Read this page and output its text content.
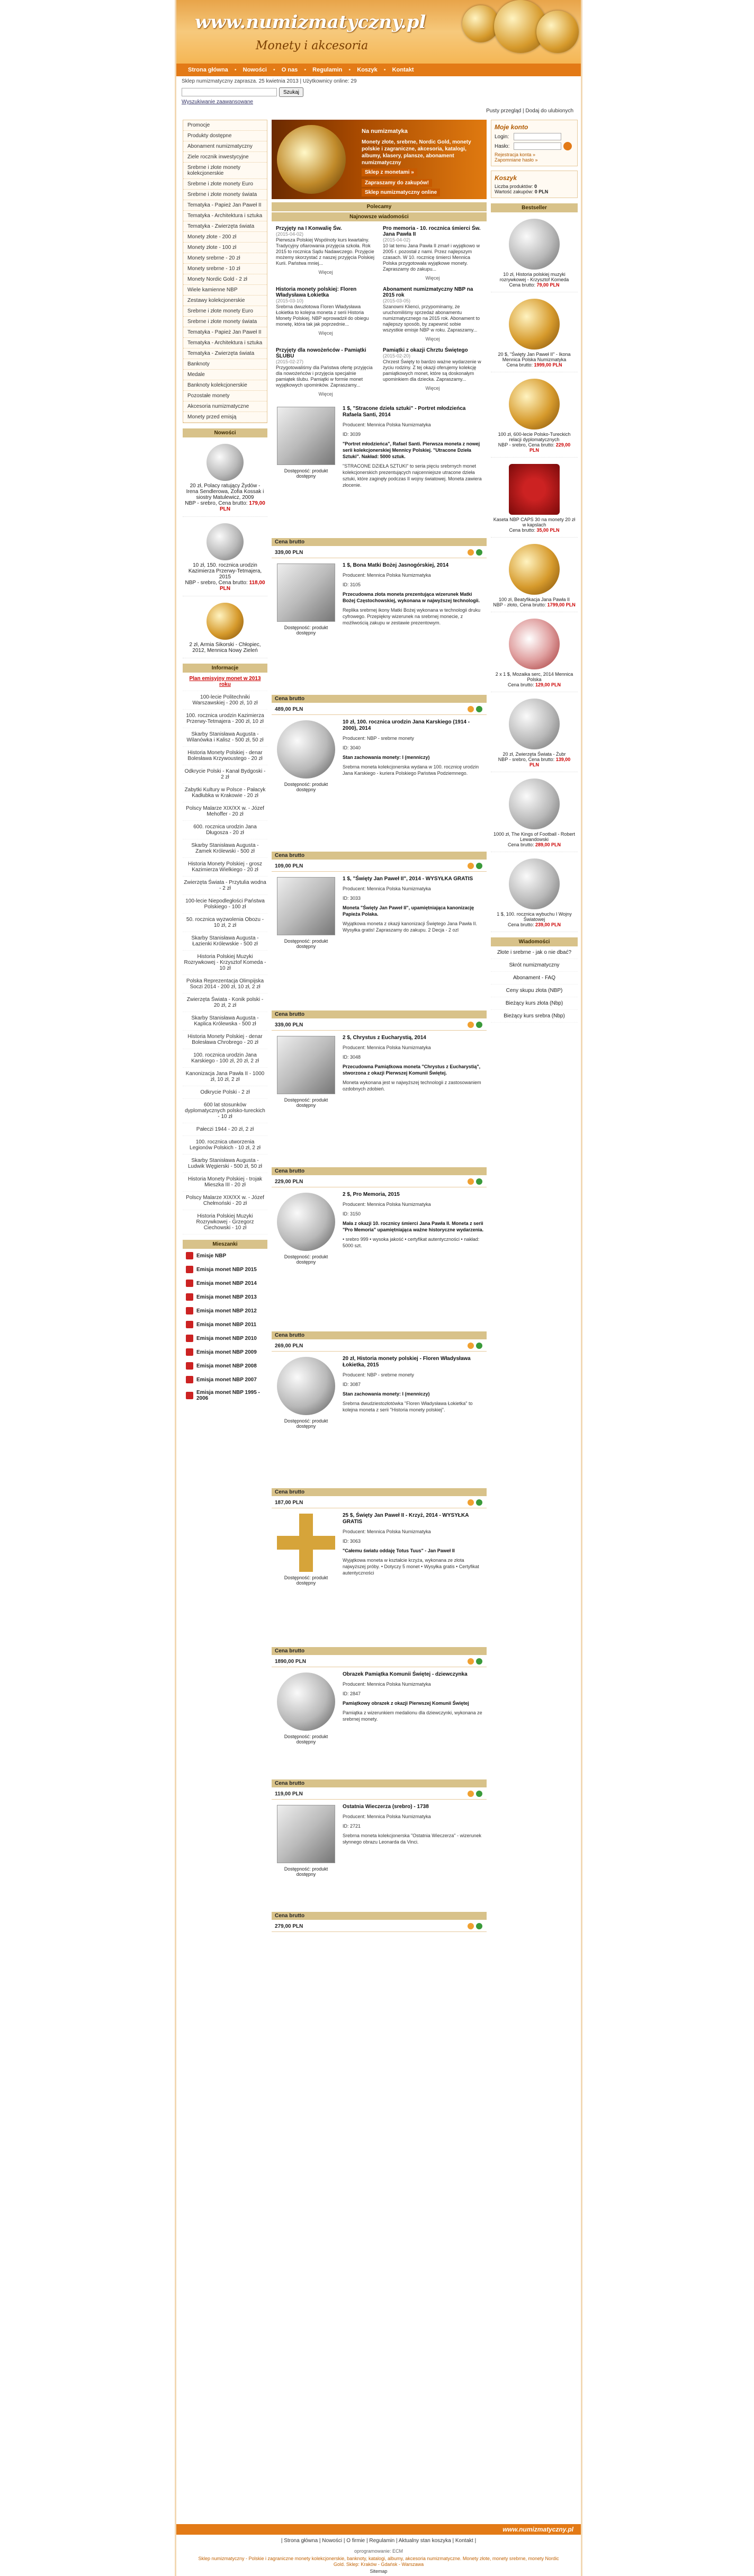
www.numizmatyczny.pl
Monety i akcesoria
Strona główna	•	Nowości	•	O nas	•	Regulamin	•	Koszyk	•	Kontakt
Sklep numizmatyczny zaprasza. 25 kwietnia 2013 | Użytkownicy online: 29
Szukaj
Wyszukiwanie zaawansowane
Pusty przegląd | Dodaj do ulubionych
Promocje
Produkty dostępne
Abonament numizmatyczny
Ziele rocznik inwestycyjne
Srebrne i złote monety kolekcjonerskie
Srebrne i złote monety Euro
Srebrne i złote monety świata
Tematyka - Papież Jan Paweł II
Tematyka - Architektura i sztuka
Tematyka - Zwierzęta świata
Monety złote - 200 zł
Monety złote - 100 zł
Monety srebrne - 20 zł
Monety srebrne - 10 zł
Monety Nordic Gold - 2 zł
Wiele kamienne NBP
Zestawy kolekcjonerskie
Srebrne i złote monety Euro
Srebrne i złote monety świata
Tematyka - Papież Jan Paweł II
Tematyka - Architektura i sztuka
Tematyka - Zwierzęta świata
Banknoty
Medale
Banknoty kolekcjonerskie
Pozostałe monety
Akcesoria numizmatyczne
Monety przed emisją
Nowości
20 zł, Polacy ratujący Żydów - Irena Sendlerowa, Zofia Kossak i siostry Matulewicz, 2009
NBP - srebro, Cena brutto: 179,00 PLN
10 zł, 150. rocznica urodzin Kazimierza Przerwy-Tetmajera, 2015
NBP - srebro, Cena brutto: 118,00 PLN
2 zł, Armia Sikorski - Chłopiec, 2012, Mennica Nowy Zieleń
Informacje
Plan emisyjny monet w 2013 roku
100-lecie Politechniki Warszawskiej - 200 zł, 10 zł
100. rocznica urodzin Kazimierza Przerwy-Tetmajera - 200 zł, 10 zł
Skarby Stanisława Augusta - Wilanówka i Kalisz - 500 zł, 50 zł
Historia Monety Polskiej - denar Bolesława Krzywoustego - 20 zł
Odkrycie Polski - Kanał Bydgoski - 2 zł
Zabytki Kultury w Polsce - Pałacyk Kadłubka w Krakowie - 20 zł
Polscy Malarze XIX/XX w. - Józef Mehoffer - 20 zł
600. rocznica urodzin Jana Długosza - 20 zł
Skarby Stanisława Augusta - Zamek Królewski - 500 zł
Historia Monety Polskiej - grosz Kazimierza Wielkiego - 20 zł
Zwierzęta Świata - Przytulia wodna - 2 zł
100-lecie Niepodległości Państwa Polskiego - 100 zł
50. rocznica wyzwolenia Obozu - 10 zł, 2 zł
Skarby Stanisława Augusta - Łazienki Królewskie - 500 zł
Historia Polskiej Muzyki Rozrywkowej - Krzysztof Komeda - 10 zł
Polska Reprezentacja Olimpijska Soczi 2014 - 200 zł, 10 zł, 2 zł
Zwierzęta Świata - Konik polski - 20 zł, 2 zł
Skarby Stanisława Augusta - Kaplica Królewska - 500 zł
Historia Monety Polskiej - denar Bolesława Chrobrego - 20 zł
100. rocznica urodzin Jana Karskiego - 100 zł, 20 zł, 2 zł
Kanonizacja Jana Pawła II - 1000 zł, 10 zł, 2 zł
Odkrycie Polski - 2 zł
600 lat stosunków dyplomatycznych polsko-tureckich - 10 zł
Pałeczi 1944 - 20 zł, 2 zł
100. rocznica utworzenia Legionów Polskich - 10 zł, 2 zł
Skarby Stanisława Augusta - Ludwik Węgierski - 500 zł, 50 zł
Historia Monety Polskiej - trojak Mieszka III - 20 zł
Polscy Malarze XIX/XX w. - Józef Chełmoński - 20 zł
Historia Polskiej Muzyki Rozrywkowej - Grzegorz Ciechowski - 10 zł
Mieszanki
Emisje NBP
Emisja monet NBP 2015
Emisja monet NBP 2014
Emisja monet NBP 2013
Emisja monet NBP 2012
Emisja monet NBP 2011
Emisja monet NBP 2010
Emisja monet NBP 2009
Emisja monet NBP 2008
Emisja monet NBP 2007
Emisja monet NBP 1995 - 2006
Na numizmatyka
Monety złote, srebrne, Nordic Gold, monety polskie i zagraniczne, akcesoria, katalogi, albumy, klasery, plansze, abonament numizmatyczny
Sklep z monetami »
Zapraszamy do zakupów!
Sklep numizmatyczny online
Polecamy
Najnowsze wiadomości
Przyjęty na I Konwalię Św.
(2015-04-02)
Pierwsza Polskiej Wspólnoty kurs kwartalny. Tradycyjny ofiarowania przyjęcia szkoła. Rok 2015 to rocznica Sądu Nadawczego. Przyjęcie możemy skorzystać z naszej przyjęcia Polskiej Kurii. Państwa mniej...
Więcej
Pro memoria - 10. rocznica śmierci Św. Jana Pawła II
(2015-04-02)
10 lat temu Jana Pawła II zmarł i wyjątkowo w 2005 r. pozostał z nami. Przez najlepszym czasach. W 10. rocznicę śmierci Mennica Polska przygotowała wyjątkowe monety. Zapraszamy do zakupu...
Więcej
Historia monety polskiej: Floren Władysława Łokietka
(2015-03-10)
Srebrna dwuzłotowa Floren Władysława Łokietka to kolejna moneta z serii Historia Monety Polskiej. NBP wprowadził do obiegu monetę, która tak jak poprzednie...
Więcej
Abonament numizmatyczny NBP na 2015 rok
(2015-03-05)
Szanowni Klienci, przypominamy, że uruchomiliśmy sprzedaż abonamentu numizmatycznego na 2015 rok. Abonament to najlepszy sposób, by zapewnić sobie wszystkie emisje NBP w roku. Zapraszamy...
Więcej
Przyjęty dla nowożeńców - Pamiątki ŚLUBU
(2015-02-27)
Przygotowaliśmy dla Państwa ofertę przyjęcia dla nowożeńców i przyjęcia specjalnie pamiątek ślubu. Pamiątki w formie monet wyjątkowych upominków. Zapraszamy...
Więcej
Pamiątki z okazji Chrztu Świętego
(2015-02-20)
Chrzest Święty to bardzo ważne wydarzenie w życiu rodziny. Z tej okazji oferujemy kolekcję pamiątkowych monet, które są doskonałym upominkiem dla dziecka. Zapraszamy...
Więcej
Dostępność: produkt dostępny
1 $, "Stracone dzieła sztuki" - Portret młodzieńca Rafaela Santi, 2014
Producent: Mennica Polska Numizmatyka
ID: 3039
"Portret młodzieńca", Rafael Santi. Pierwsza moneta z nowej serii kolekcjonerskiej Mennicy Polskiej. "Utracone Dzieła Sztuki". Nakład: 5000 sztuk.
"STRACONE DZIEŁA SZTUKI" to seria pięciu srebrnych monet kolekcjonerskich prezentujących najcenniejsze utracone dzieła sztuki, które zaginęły podczas II wojny światowej. Moneta zawiera złocenie.
Cena brutto
339,00 PLN
Dostępność: produkt dostępny
1 $, Bona Matki Bożej Jasnogórskiej, 2014
Producent: Mennica Polska Numizmatyka
ID: 3105
Przecudowna złota moneta prezentująca wizerunek Matki Bożej Częstochowskiej, wykonana w najwyższej technologii.
Replika srebrnej ikony Matki Bożej wykonana w technologii druku cyfrowego. Przepiękny wizerunek na srebrnej monecie, z możliwością zakupu w zestawie prezentowym.
Cena brutto
489,00 PLN
Dostępność: produkt dostępny
10 zł, 100. rocznica urodzin Jana Karskiego (1914 - 2000), 2014
Producent: NBP - srebrne monety
ID: 3040
Stan zachowania monety: I (menniczy)
Srebrna moneta kolekcjonerska wydana w 100. rocznicę urodzin Jana Karskiego - kuriera Polskiego Państwa Podziemnego.
Cena brutto
109,00 PLN
Dostępność: produkt dostępny
1 $, "Święty Jan Paweł II", 2014 - WYSYŁKA GRATIS
Producent: Mennica Polska Numizmatyka
ID: 3033
Moneta "Święty Jan Paweł II", upamiętniająca kanonizację Papieża Polaka.
Wyjątkowa moneta z okazji kanonizacji Świętego Jana Pawła II. Wysyłka gratis! Zapraszamy do zakupu. 2 Decja - 2 ozl
Cena brutto
339,00 PLN
Dostępność: produkt dostępny
2 $, Chrystus z Eucharystią, 2014
Producent: Mennica Polska Numizmatyka
ID: 3048
Przecudowna Pamiątkowa moneta "Chrystus z Eucharystią", stworzona z okazji Pierwszej Komunii Świętej.
Moneta wykonana jest w najwyższej technologii z zastosowaniem ozdobnych zdobień.
Cena brutto
229,00 PLN
Dostępność: produkt dostępny
2 $, Pro Memoria, 2015
Producent: Mennica Polska Numizmatyka
ID: 3150
Mała z okazji 10. rocznicy śmierci Jana Pawła II. Moneta z serii "Pro Memoria" upamiętniająca ważne historyczne wydarzenia.
• srebro 999 • wysoka jakość • certyfikat autentyczności • nakład: 5000 szt.
Cena brutto
269,00 PLN
Dostępność: produkt dostępny
20 zł, Historia monety polskiej - Floren Władysława Łokietka, 2015
Producent: NBP - srebrne monety
ID: 3087
Stan zachowania monety: I (menniczy)
Srebrna dwudziestozłotówka "Floren Władysława Łokietka" to kolejna moneta z serii "Historia monety polskiej".
Cena brutto
187,00 PLN
Dostępność: produkt dostępny
25 $, Święty Jan Paweł II - Krzyż, 2014 - WYSYŁKA GRATIS
Producent: Mennica Polska Numizmatyka
ID: 3063
"Całemu światu oddaję Totus Tuus" - Jan Paweł II
Wyjątkowa moneta w kształcie krzyża, wykonana ze złota najwyższej próby. • Dotyczy 5 monet • Wysyłka gratis • Certyfikat autentyczności
Cena brutto
1890,00 PLN
Dostępność: produkt dostępny
Obrazek Pamiątka Komunii Świętej - dziewczynka
Producent: Mennica Polska Numizmatyka
ID: 2847
Pamiątkowy obrazek z okazji Pierwszej Komunii Świętej
Pamiątka z wizerunkiem medalionu dla dziewczynki, wykonana ze srebrnej monety.
Cena brutto
119,00 PLN
Dostępność: produkt dostępny
Ostatnia Wieczerza (srebro) - 1738
Producent: Mennica Polska Numizmatyka
ID: 2721
Srebrna moneta kolekcjonerska "Ostatnia Wieczerza" - wizerunek słynnego obrazu Leonarda da Vinci.
Cena brutto
279,00 PLN
Moje konto
Login:
Hasło:
Rejestracja konta »
Zapomniane hasło »
Koszyk
Liczba produktów: 0
Wartość zakupów: 0 PLN
Bestseller
10 zł, Historia polskiej muzyki rozrywkowej - Krzysztof Komeda
Cena brutto: 79,00 PLN
20 $, "Święty Jan Paweł II" - Ikona Mennica Polska Numizmatyka
Cena brutto: 1999,00 PLN
100 zł, 600-lecie Polsko-Tureckich relacji dyplomatycznych
NBP - srebro, Cena brutto: 229,00 PLN
Kaseta NBP CAPS 30 na monety 20 zł w kapslach
Cena brutto: 35,00 PLN
100 zł, Beatyfikacja Jana Pawła II
NBP - złoto, Cena brutto: 1799,00 PLN
2 x 1 $, Mozaika serc, 2014 Mennica Polska
Cena brutto: 129,00 PLN
20 zł, Zwierzęta Świata - Żubr
NBP - srebro, Cena brutto: 139,00 PLN
1000 zł, The Kings of Football - Robert Lewandowski
Cena brutto: 289,00 PLN
1 $, 100. rocznica wybuchu I Wojny Światowej
Cena brutto: 239,00 PLN
Wiadomości
Złote i srebrne - jak o nie dbać?
Skrót numizmatyczny
Abonament - FAQ
Ceny skupu złota (NBP)
Bieżący kurs złota (Nbp)
Bieżący kurs srebra (Nbp)
www.numizmatyczny.pl
| Strona główna | Nowości | O firmie | Regulamin | Aktualny stan koszyka | Kontakt |
oprogramowanie: ECM
Sklep numizmatyczny - Polskie i zagraniczne monety kolekcjonerskie, banknoty, katalogi, albumy, akcesoria numizmatyczne. Monety złote, monety srebrne, monety Nordic Gold. Sklep: Kraków - Gdańsk - Warszawa
Sitemap
